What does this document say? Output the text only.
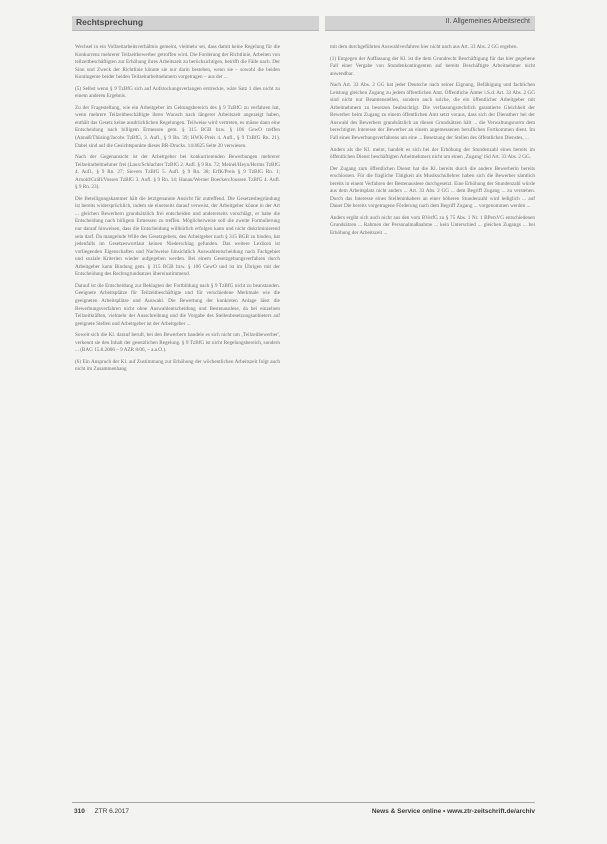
Rechtsprechung	II. Allgemeines Arbeitsrecht

Wechsel in ein Vollzeitarbeitsverhältnis gemeint, vielmehr sei, dass damit keine Regelung für die Konkurrenz mehrerer Teilzeitbewerber getroffen wird. Die Forderung der Richtlinie, Arbeiten von teilzeitbeschäftigten zur Erhöhung ihres Arbeitszeit zu berücksichtigen, betrifft die Fälle nach. Der Sinn und Zweck der Richtlinie könnte sie nur darin bestehen, wenn sie – sowohl die beiden Kontingente beider beiden Teilzeitarbeitnehmern vorgetragen – aus der ...

(5) Selbst wenn § 9 TzBfG sich auf Aufstockungsverlangen erstreckte, wäre Satz 1 dies nicht zu einem anderen Ergebnis.

Zu der Fragestellung, wie ein Arbeitgeber im Geltungsbereich des § 9 TzBfG zu verfahren hat, wenn mehrere Teilzeitbeschäftigte ihren Wunsch nach längerer Arbeitszeit angezeigt haben, enthält das Gesetz keine ausdrücklichen Regelungen. Teilweise wird vertreten, es müsse dann eine Entscheidung nach billigem Ermessen gem. § 315 BGB bzw. § 106 GewO treffen (Annuß/Thüsing/Jacobs TzBfG, 3. Aufl., § 9 Rn. 39; HWK-Preis 4. Aufl., § 9 TzBfG Rn. 21). Dabei sind auf die Gesichtspunkte dieses BR-Drucks. 14/4625 Seite 20 verwiesen.

Nach der Gegenansicht ist der Arbeitgeber bei konkurrierenden Bewerbungen mehrerer Teilzeitarbeitnehmer frei (Laux/Schlachter TzBfG 2. Aufl. § 9 Rn. 72; Meinel/Heyn/Herms TzBfG 4. Aufl., § 9 Rn. 27; Sievers TzBfG 5. Aufl. § 9 Rn. 38; ErfK/Preis § 9 TzBfG Rn. 1; Arnold/Gräfl/Vossen TzBfG 3. Aufl. § 9 Rn. 14; Hanau/Werner Boecken/Joussen TzBfG 4. Aufl. § 9 Rn. 23).

Die Beteiligungskammer hält die letztgenannte Ansicht für zutreffend. Die Gesetzesbegründung ist bereits widersprüchlich, indem sie einerseits darauf verweist, der Arbeitgeber könne in der Art ... gleichen Bewerbern grundsätzlich frei entscheiden und andererseits vorschlägt, er habe die Entscheidung nach billigem Ermessen zu treffen. Möglicherweise soll die zweite Formulierung nur darauf hinweisen, dass die Entscheidung willkürlich erfolgen kann und nicht diskriminierend sein darf. Da mangelnde Wille des Gesetzgebers, den Arbeitgeber nach § 315 BGB zu binden, hat jedenfalls im Gesetzeswortlaut keinen Niederschlag gefunden. Das weitere Lexikon ist vorliegenden Eigenschaften und Nachweise hinsichtlich Auswahlentscheidung nach Fachgebiet und soziale Kriterien wieder aufgegeben werden. Bei einem Gesetzgebungsverfahren durch Arbeitgeber kann Bindung gem. § 315 BGB bzw. § 106 GewO und ist im Übrigen mit der Entscheidung des Rechtsgrundsatzes übereinstimmend.

Darauf ist die Entscheidung zur Beklagten der Fortbildung nach § 9 TzBfG nicht zu beanstanden. Geeignete Arbeitsplätze für Teilzeitbeschäftigte und für verschiedene Merkmale wie die geeigneten Arbeitsplätze und Auswahl. Die Bewertung der konkreten Anlage lässt die Bewerbungsverfahren nicht ohne Auswahlentscheidung und Bestenauslese, da bei einzelnen Teilzeitkräften, vielmehr der Ausschreibung und die Vorgabe des Stellenbesetzungsanbieters auf geeignete Stellen und Arbeitgeber ist der Arbeitgeber ...

Soweit sich die Kl. darauf beruft, bei den Bewerbern handele es sich nicht um ‚Teilzeitbewerber', verkennt sie den Inhalt der gesetzlichen Regelung. § 9 TzBfG ist nicht Regelungsbereich, sondern ... (BAG 15.8.2006 – 9 AZR 8/06, – a.a.O.).

(6) Ein Anspruch der Kl. auf Zustimmung zur Erhöhung der wöchentlichen Arbeitszeit folgt auch nicht im Zusammenhang

mit dem durchgeführten Auswahlverfahren hier nicht nach aus Art. 33 Abs. 2 GG ergeben.

(1) Entgegen der Auffassung der Kl. ist die dem Grundrecht Beschäftigung für das hier gegebene Fall einer Vergabe von Stundenkontingenten auf bereits Beschäftigte Arbeitnehmer nicht anwendbar.

Nach Art. 33 Abs. 2 GG hat jeder Deutsche nach seiner Eignung, Befähigung und fachlichen Leistung gleichen Zugang zu jedem öffentlichen Amt. Öffentliche Ämter i.S.d. Art. 33 Abs. 2 GG sind nicht nur Beamtenstellen, sondern auch solche, die ein öffentlicher Arbeitgeber mit Arbeitnehmern zu besetzen beabsichtigt. Die verfassungsrechtlich garantierte Gleichheit der Bewerber beim Zugang zu einem öffentlichen Amt setzt voraus, dass sich der Dienstherr bei der Auswahl des Bewerbers grundsätzlich an diesen Grundsätzen hält ... die Verwaltungsnorm dem berechtigten Interesse der Bewerber an einem angemessenen beruflichen Fortkommen dient. Im Fall eines Bewerbungsverfahrens um eine ... Besetzung der Stellen des öffentlichen Dienstes, ...

Anders als die Kl. meint, handelt es sich bei der Erhöhung der Stundenzahl eines bereits im öffentlichen Dienst beschäftigten Arbeitnehmers nicht um einen ‚Zugang' iSd Art. 33 Abs. 2 GG.

Der Zugang zum öffentlichen Dienst hat die Kl. bereits durch die andere Bewerberin bereits erschlossen. Für die fragliche Tätigkeit als Musikschullehrer haben sich die Bewerber sämtlich bereits in einem Verfahren der Bestenauslese durchgesetzt. Eine Erhöhung der Stundenzahl würde aus dem Arbeitsplatz nicht anders ... Art. 33 Abs. 2 GG ... dem Begriff Zugang ... zu verstehen. Durch das Interesse eines Stelleninhabers an einer höheren Stundenzahl wird lediglich ... auf Dauer Die bereits vorgetragene Förderung nach dem Begriff Zugang ... vorgenommen werden ...

Anders ergibt sich auch nicht aus den vom BVerfG zu § 75 Abs. 1 Nr. 1 BPersVG entschiedenen Grundsätzen ... Rahmen der Personalmaßnahme ... kein Unterschied ... gleichen Zugangs ... bei Erhöhung der Arbeitszeit ...

310 ZTR 6.2017	News & Service online • www.ztr-zeitschrift.de/archiv
